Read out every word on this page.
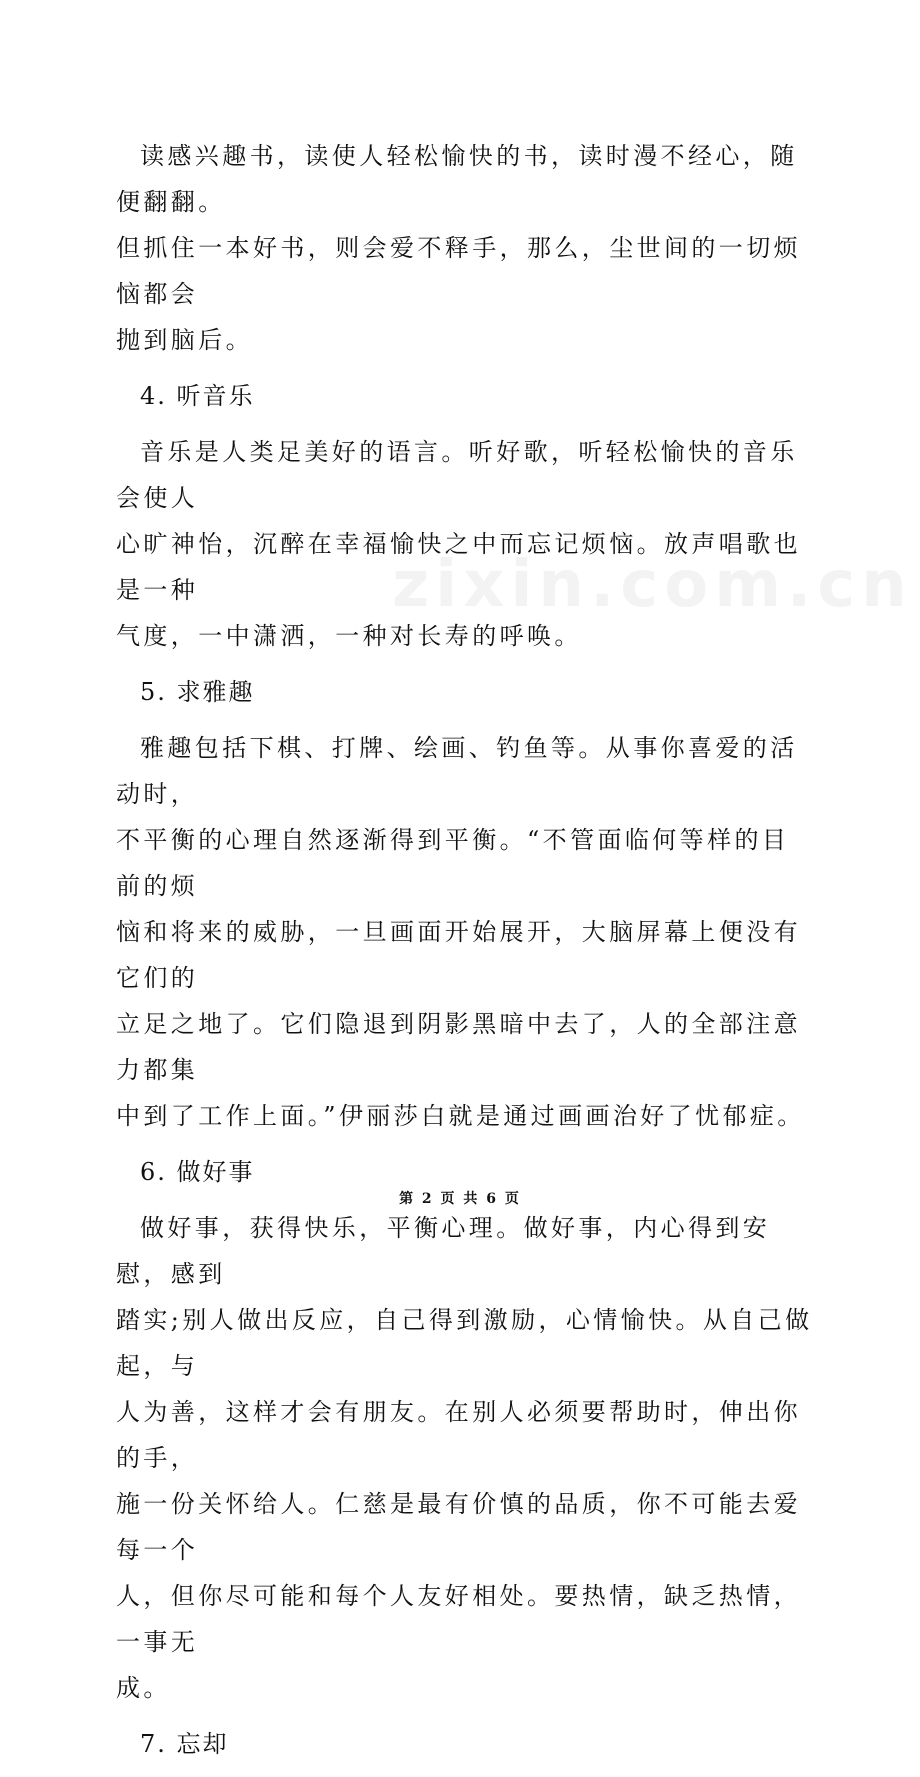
读感兴趣书，读使人轻松愉快的书，读时漫不经心，随便翻翻。
但抓住一本好书，则会爱不释手，那么，尘世间的一切烦恼都会
抛到脑后。
4. 听音乐
音乐是人类足美好的语言。听好歌，听轻松愉快的音乐会使人
心旷神怡，沉醉在幸福愉快之中而忘记烦恼。放声唱歌也是一种
气度，一中潇洒，一种对长寿的呼唤。
5. 求雅趣
雅趣包括下棋、打牌、绘画、钓鱼等。从事你喜爱的活动时，
不平衡的心理自然逐渐得到平衡。“不管面临何等样的目前的烦
恼和将来的威胁，一旦画面开始展开，大脑屏幕上便没有它们的
立足之地了。它们隐退到阴影黑暗中去了，人的全部注意力都集
中到了工作上面。”伊丽莎白就是通过画画治好了忧郁症。
6. 做好事
做好事，获得快乐，平衡心理。做好事，内心得到安慰，感到
踏实;别人做出反应，自己得到激励，心情愉快。从自己做起，与
人为善，这样才会有朋友。在别人必须要帮助时，伸出你的手，
施一份关怀给人。仁慈是最有价慎的品质，你不可能去爱每一个
人，但你尽可能和每个人友好相处。要热情，缺乏热情，一事无
成。
7. 忘却
zixin.com.cn
第 2 页 共 6 页
